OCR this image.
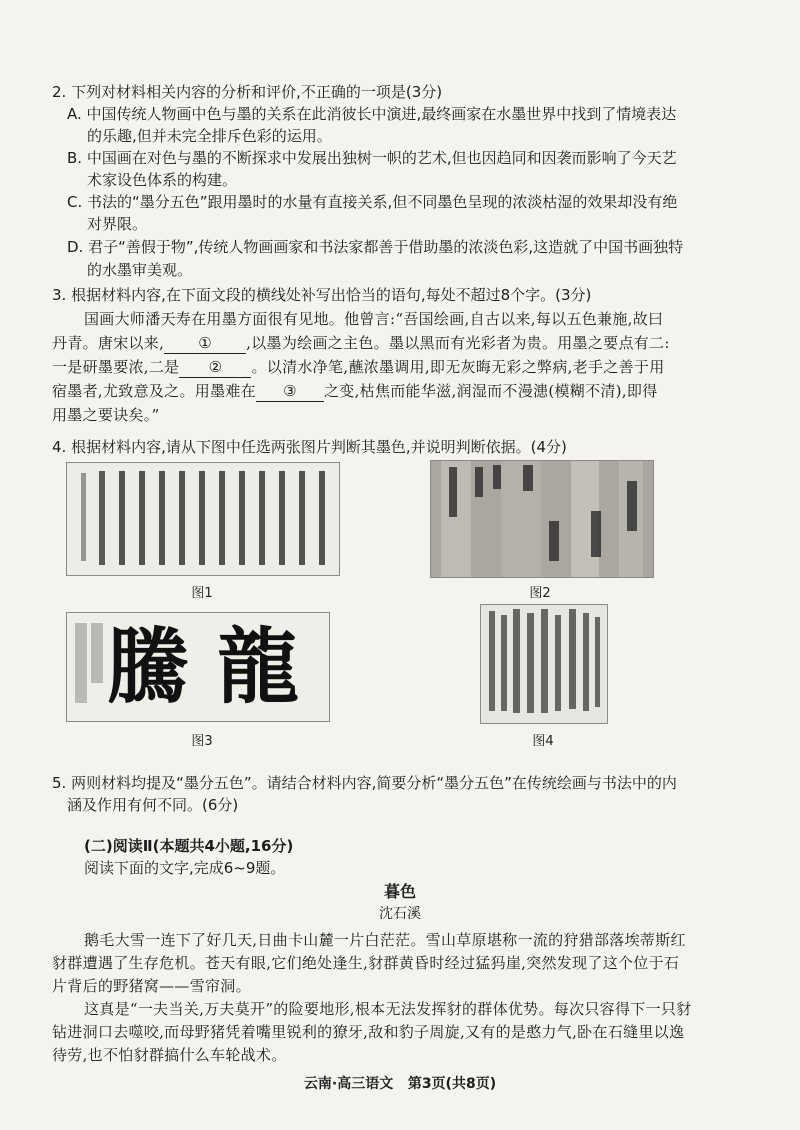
2. 下列对材料相关内容的分析和评价,不正确的一项是(3分)
A. 中国传统人物画中色与墨的关系在此消彼长中演进,最终画家在水墨世界中找到了情境表达
的乐趣,但并未完全排斥色彩的运用。
B. 中国画在对色与墨的不断探求中发展出独树一帜的艺术,但也因趋同和因袭而影响了今天艺
术家设色体系的构建。
C. 书法的“墨分五色”跟用墨时的水量有直接关系,但不同墨色呈现的浓淡枯湿的效果却没有绝
对界限。
D. 君子“善假于物”,传统人物画画家和书法家都善于借助墨的浓淡色彩,这造就了中国书画独特
的水墨审美观。
3. 根据材料内容,在下面文段的横线处补写出恰当的语句,每处不超过8个字。(3分)
国画大师潘天寿在用墨方面很有见地。他曾言:“吾国绘画,自古以来,每以五色兼施,故曰
丹青。唐宋以来, ① ,以墨为绘画之主色。墨以黑而有光彩者为贵。用墨之要点有二:
一是研墨要浓,二是 ② 。以清水净笔,蘸浓墨调用,即无灰晦无彩之弊病,老手之善于用
宿墨者,尤致意及之。用墨难在 ③ 之变,枯焦而能华滋,润湿而不漫漶(模糊不清),即得
用墨之要诀矣。”
4. 根据材料内容,请从下图中任选两张图片判断其墨色,并说明判断依据。(4分)
图1	图2
騰 龍
图3	图4
5. 两则材料均提及“墨分五色”。请结合材料内容,简要分析“墨分五色”在传统绘画与书法中的内
涵及作用有何不同。(6分)
(二)阅读Ⅱ(本题共4小题,16分)
阅读下面的文字,完成6~9题。
暮色
沈石溪
鹅毛大雪一连下了好几天,日曲卡山麓一片白茫茫。雪山草原堪称一流的狩猎部落埃蒂斯红
豺群遭遇了生存危机。苍天有眼,它们绝处逢生,豺群黄昏时经过猛犸崖,突然发现了这个位于石
片背后的野猪窝——雪帘洞。
这真是“一夫当关,万夫莫开”的险要地形,根本无法发挥豺的群体优势。每次只容得下一只豺
钻进洞口去噬咬,而母野猪凭着嘴里锐利的獠牙,敌和豹子周旋,又有的是憨力气,卧在石缝里以逸
待劳,也不怕豺群搞什么车轮战术。
云南·高三语文   第3页(共8页)
